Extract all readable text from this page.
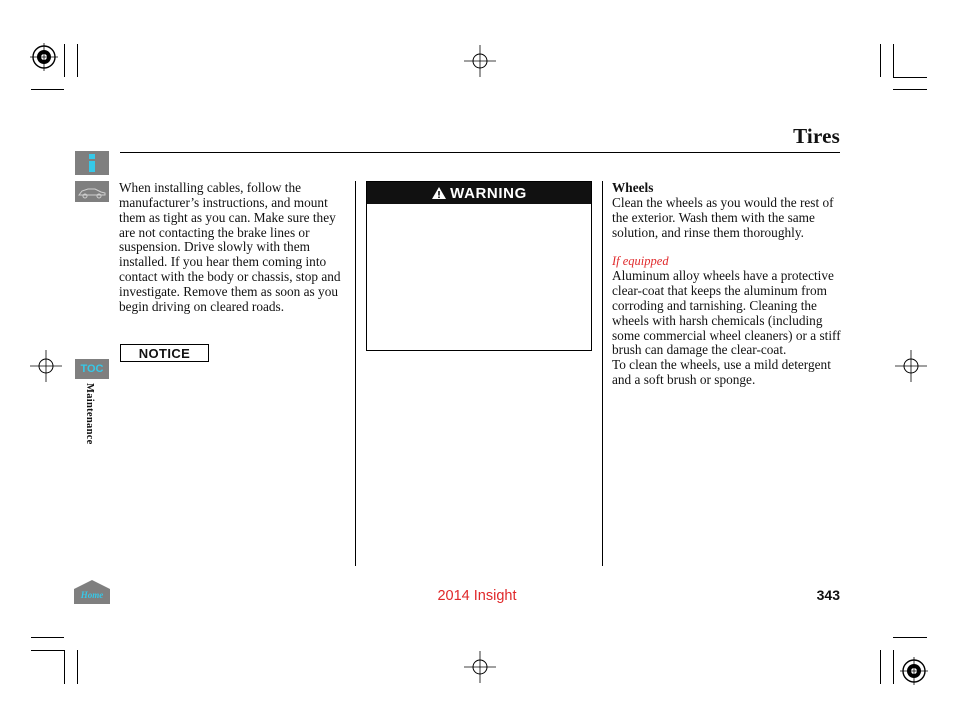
Tires
TOC
Maintenance
Home

When installing cables, follow the manufacturer’s instructions, and mount them as tight as you can. Make sure they are not contacting the brake lines or suspension. Drive slowly with them installed. If you hear them coming into contact with the body or chassis, stop and investigate. Remove them as soon as you begin driving on cleared roads.

NOTICE
WARNING	Wheels

Clean the wheels as you would the rest of the exterior. Wash them with the same solution, and rinse them thoroughly.

If equipped

Aluminum alloy wheels have a protective clear-coat that keeps the aluminum from corroding and tarnishing. Cleaning the wheels with harsh chemicals (including some commercial wheel cleaners) or a stiff brush can damage the clear-coat.

To clean the wheels, use a mild detergent and a soft brush or sponge.

2014 Insight	343
